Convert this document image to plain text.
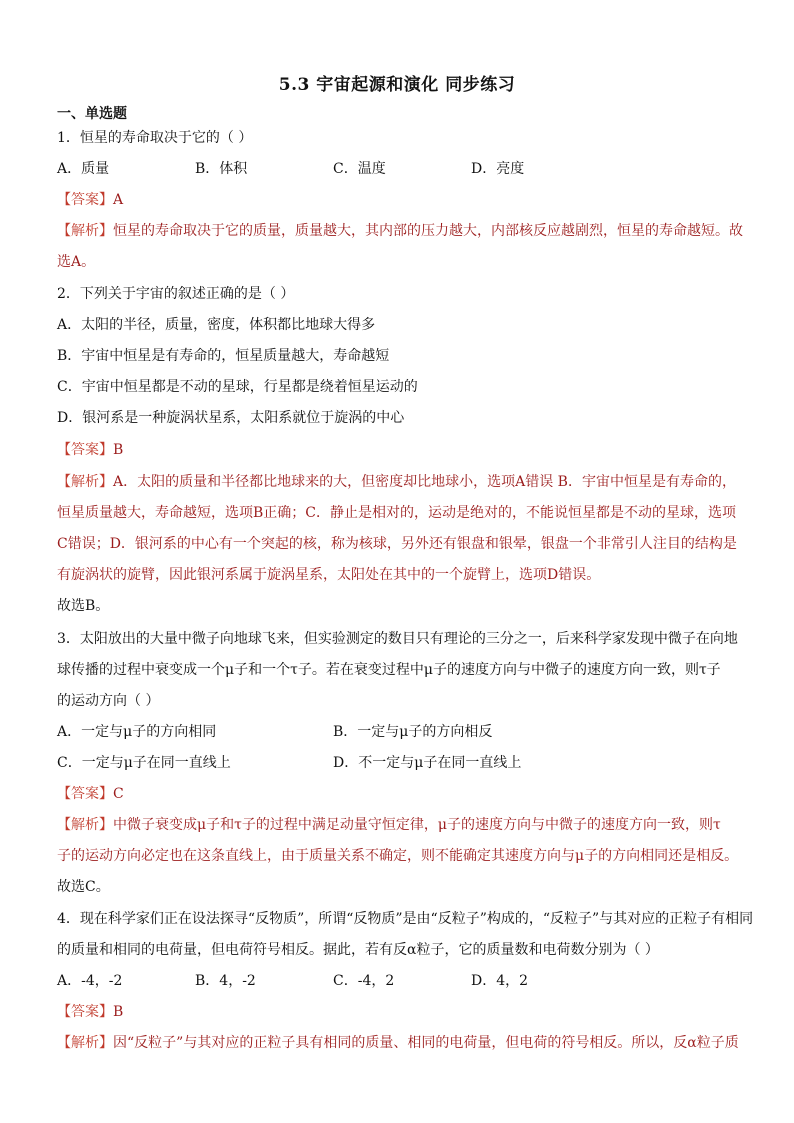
5.3 宇宙起源和演化 同步练习
一、单选题
1．恒星的寿命取决于它的（ ）
A．质量	B．体积	C．温度	D．亮度
【答案】A
【解析】恒星的寿命取决于它的质量，质量越大，其内部的压力越大，内部核反应越剧烈，恒星的寿命越短。故
选A。
2．下列关于宇宙的叙述正确的是（ ）
A．太阳的半径，质量，密度，体积都比地球大得多
B．宇宙中恒星是有寿命的，恒星质量越大，寿命越短
C．宇宙中恒星都是不动的星球，行星都是绕着恒星运动的
D．银河系是一种旋涡状星系，太阳系就位于旋涡的中心
【答案】B
【解析】A．太阳的质量和半径都比地球来的大，但密度却比地球小，选项A错误 B．宇宙中恒星是有寿命的，
恒星质量越大，寿命越短，选项B正确；C．静止是相对的，运动是绝对的，不能说恒星都是不动的星球，选项
C错误；D．银河系的中心有一个突起的核，称为核球，另外还有银盘和银晕，银盘一个非常引人注目的结构是
有旋涡状的旋臂，因此银河系属于旋涡星系，太阳处在其中的一个旋臂上，选项D错误。
故选B。
3．太阳放出的大量中微子向地球飞来，但实验测定的数目只有理论的三分之一，后来科学家发现中微子在向地
球传播的过程中衰变成一个μ子和一个τ子。若在衰变过程中μ子的速度方向与中微子的速度方向一致，则τ子
的运动方向（ ）
A．一定与μ子的方向相同	B．一定与μ子的方向相反
C．一定与μ子在同一直线上	D．不一定与μ子在同一直线上
【答案】C
【解析】中微子衰变成μ子和τ子的过程中满足动量守恒定律，μ子的速度方向与中微子的速度方向一致，则τ
子的运动方向必定也在这条直线上，由于质量关系不确定，则不能确定其速度方向与μ子的方向相同还是相反。
故选C。
4．现在科学家们正在设法探寻“反物质”，所谓“反物质”是由“反粒子”构成的，“反粒子”与其对应的正粒子有相同
的质量和相同的电荷量，但电荷符号相反。据此，若有反α粒子，它的质量数和电荷数分别为（ ）
A．-4，-2	B．4，-2	C．-4，2	D．4，2
【答案】B
【解析】因“反粒子”与其对应的正粒子具有相同的质量、相同的电荷量，但电荷的符号相反。所以，反α粒子质
